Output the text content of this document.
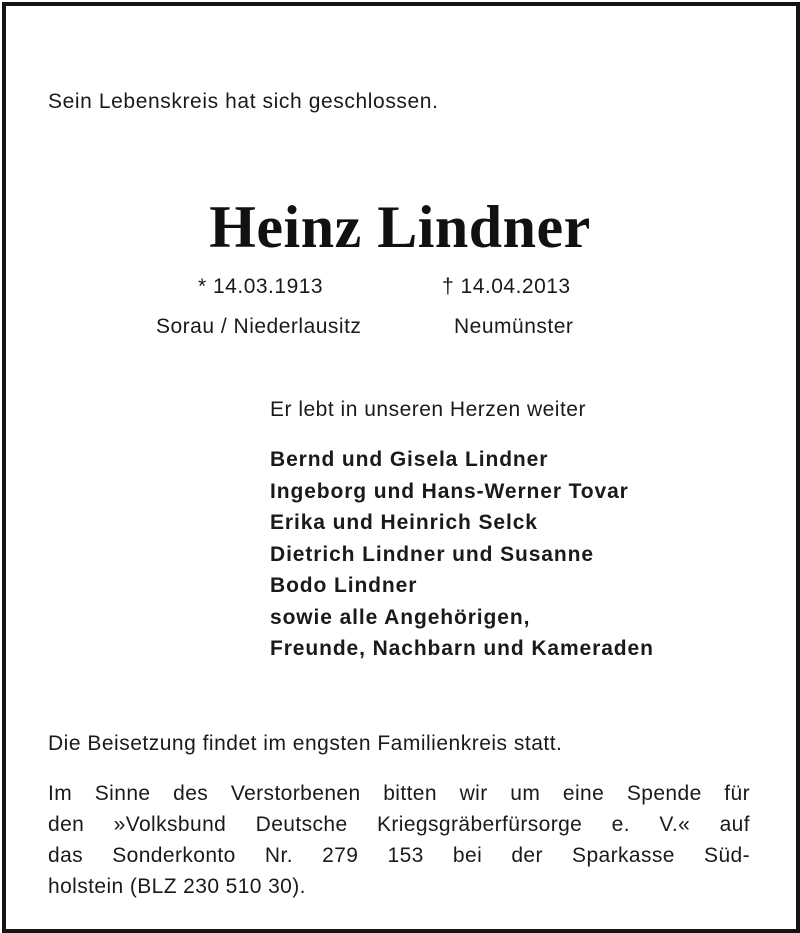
Sein Lebenskreis hat sich geschlossen.
Heinz Lindner
* 14.03.1913	† 14.04.2013
Sorau / Niederlausitz	Neumünster
Er lebt in unseren Herzen weiter
Bernd und Gisela Lindner
Ingeborg und Hans-Werner Tovar
Erika und Heinrich Selck
Dietrich Lindner und Susanne
Bodo Lindner
sowie alle Angehörigen,
Freunde, Nachbarn und Kameraden
Die Beisetzung findet im engsten Familienkreis statt.
Im Sinne des Verstorbenen bitten wir um eine Spende für
den »Volksbund Deutsche Kriegsgräberfürsorge e. V.« auf
das Sonderkonto Nr. 279 153 bei der Sparkasse Süd-
holstein (BLZ 230 510 30).
